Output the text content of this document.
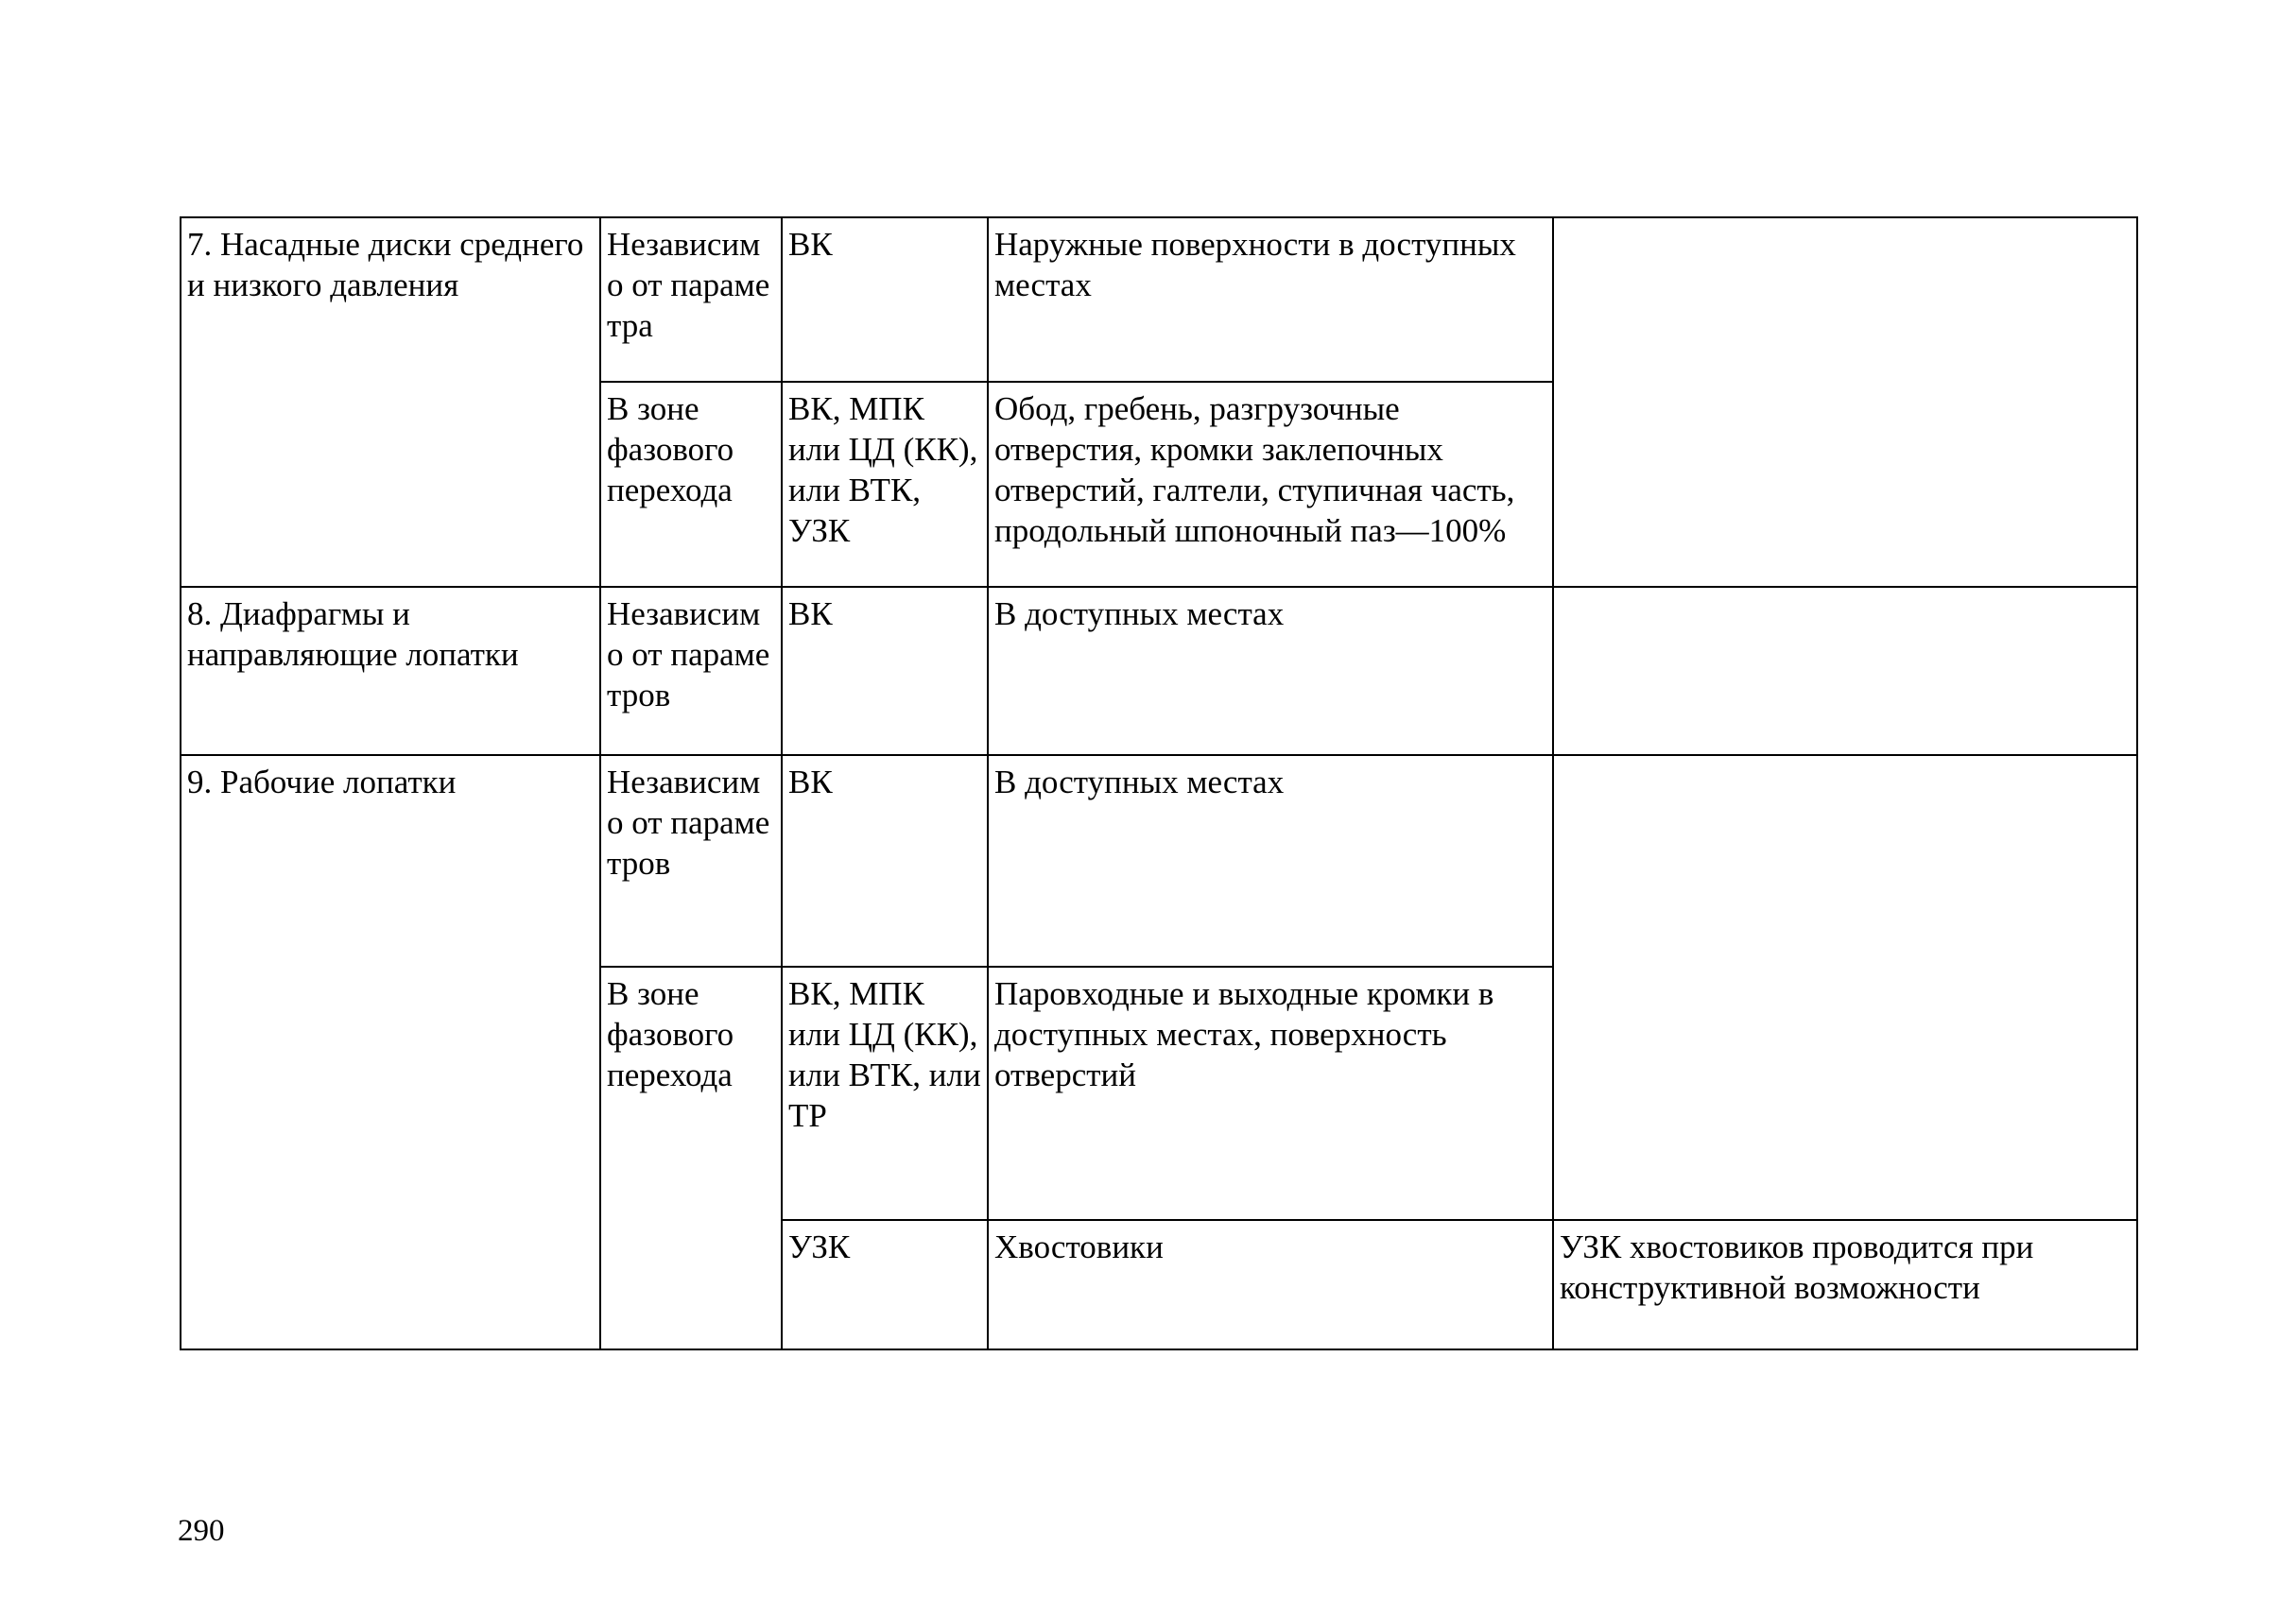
7. Насадные диски среднего и низкого давления	Независимо от параметра	ВК	Наружные поверхности в доступных местах	
	В зоне фазового перехода	ВК, МПК или ЦД (КК), или ВТК, УЗК	Обод, гребень, разгрузочные отверстия, кромки заклепочных отверстий, галтели, ступичная часть, продольный шпоночный паз—100%	
8. Диафрагмы и направляющие лопатки	Независимо от параметров	ВК	В доступных местах	
9. Рабочие лопатки	Независимо от параметров	ВК	В доступных местах	
	В зоне фазового перехода	ВК, МПК или ЦД (КК), или ВТК, или ТР	Паровходные и выходные кромки в доступных местах, поверхность отверстий	
		УЗК	Хвостовики	УЗК хвостовиков проводится при конструктивной возможности
290
